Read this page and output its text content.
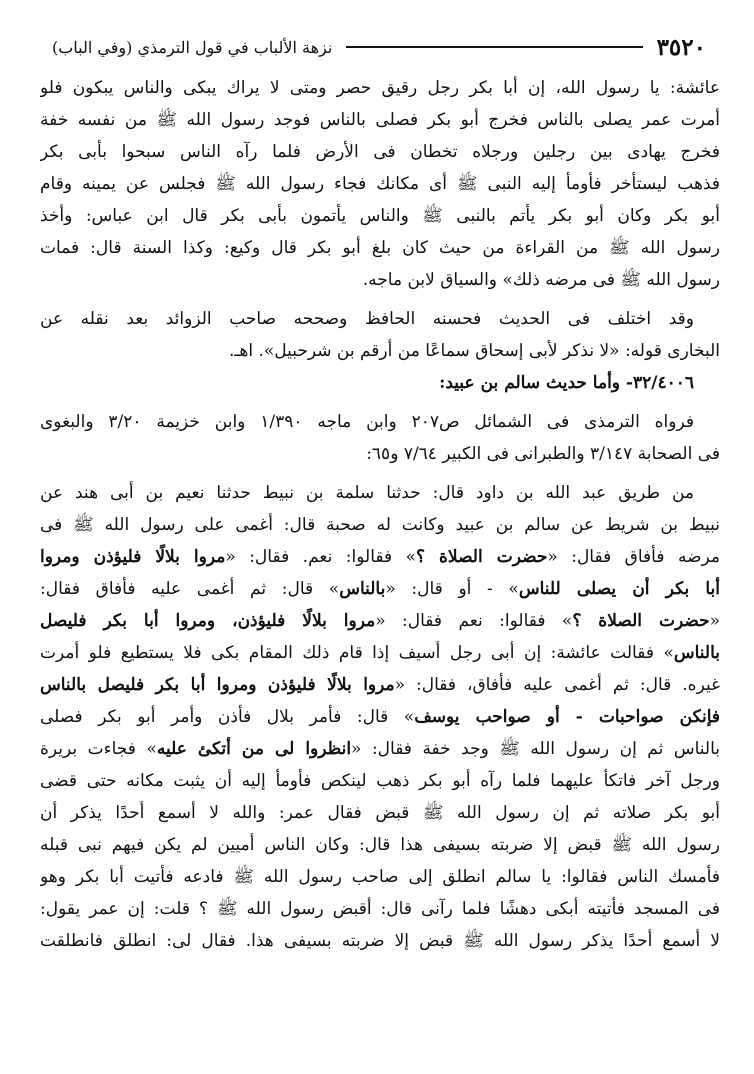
٣٥٢٠
نزهة الألباب في قول الترمذي (وفي الباب)
عائشة: يا رسول الله، إن أبا بكر رجل رقيق حصر ومتى لا يراك يبكى والناس يبكون فلو
أمرت عمر يصلى بالناس فخرج أبو بكر فصلى بالناس فوجد رسول الله ﷺ من نفسه خفة
فخرج يهادى بين رجلين ورجلاه تخطان فى الأرض فلما رآه الناس سبحوا بأبى بكر
فذهب ليستأخر فأومأ إليه النبى ﷺ أى مكانك فجاء رسول الله ﷺ فجلس عن يمينه وقام
أبو بكر وكان أبو بكر يأتم بالنبى ﷺ والناس يأتمون بأبى بكر قال ابن عباس: وأخذ
رسول الله ﷺ من القراءة من حيث كان بلغ أبو بكر قال وكيع: وكذا السنة قال: فمات
رسول الله ﷺ فى مرضه ذلك» والسياق لابن ماجه.
وقد اختلف فى الحديث فحسنه الحافظ وصححه صاحب الزوائد بعد نقله عن
البخارى قوله: «لا نذكر لأبى إسحاق سماعًا من أرقم بن شرحبيل». اهـ.
٣٢/٤٠٠٦- وأما حديث سالم بن عبيد:
فرواه الترمذى فى الشمائل ص٢٠٧ وابن ماجه ١/٣٩٠ وابن خزيمة ٣/٢٠ والبغوى
فى الصحابة ٣/١٤٧ والطبرانى فى الكبير ٧/٦٤ و٦٥:
من طريق عبد الله بن داود قال: حدثنا سلمة بن نبيط حدثنا نعيم بن أبى هند عن
نبيط بن شريط عن سالم بن عبيد وكانت له صحبة قال: أغمى على رسول الله ﷺ فى
مرضه فأفاق فقال: «حضرت الصلاة ؟» فقالوا: نعم. فقال: «مروا بلالًا فليؤذن ومروا
أبا بكر أن يصلى للناس» - أو قال: «بالناس» قال: ثم أغمى عليه فأفاق فقال:
«حضرت الصلاة ؟» فقالوا: نعم فقال: «مروا بلالًا فليؤذن، ومروا أبا بكر فليصل
بالناس» فقالت عائشة: إن أبى رجل أسيف إذا قام ذلك المقام بكى فلا يستطيع فلو أمرت
غيره. قال: ثم أغمى عليه فأفاق، فقال: «مروا بلالًا فليؤذن ومروا أبا بكر فليصل بالناس
فإنكن صواحبات - أو صواحب يوسف» قال: فأمر بلال فأذن وأمر أبو بكر فصلى
بالناس ثم إن رسول الله ﷺ وجد خفة فقال: «انظروا لى من أتكئ عليه» فجاءت بريرة
ورجل آخر فاتكأ عليهما فلما رآه أبو بكر ذهب لينكص فأومأ إليه أن يثبت مكانه حتى قضى
أبو بكر صلاته ثم إن رسول الله ﷺ قبض فقال عمر: والله لا أسمع أحدًا يذكر أن
رسول الله ﷺ قبض إلا ضربته بسيفى هذا قال: وكان الناس أميين لم يكن فيهم نبى قبله
فأمسك الناس فقالوا: يا سالم انطلق إلى صاحب رسول الله ﷺ فادعه فأتيت أبا بكر وهو
فى المسجد فأتيته أبكى دهشًا فلما رآنى قال: أقبض رسول الله ﷺ ؟ قلت: إن عمر يقول:
لا أسمع أحدًا يذكر رسول الله ﷺ قبض إلا ضربته بسيفى هذا. فقال لى: انطلق فانطلقت
